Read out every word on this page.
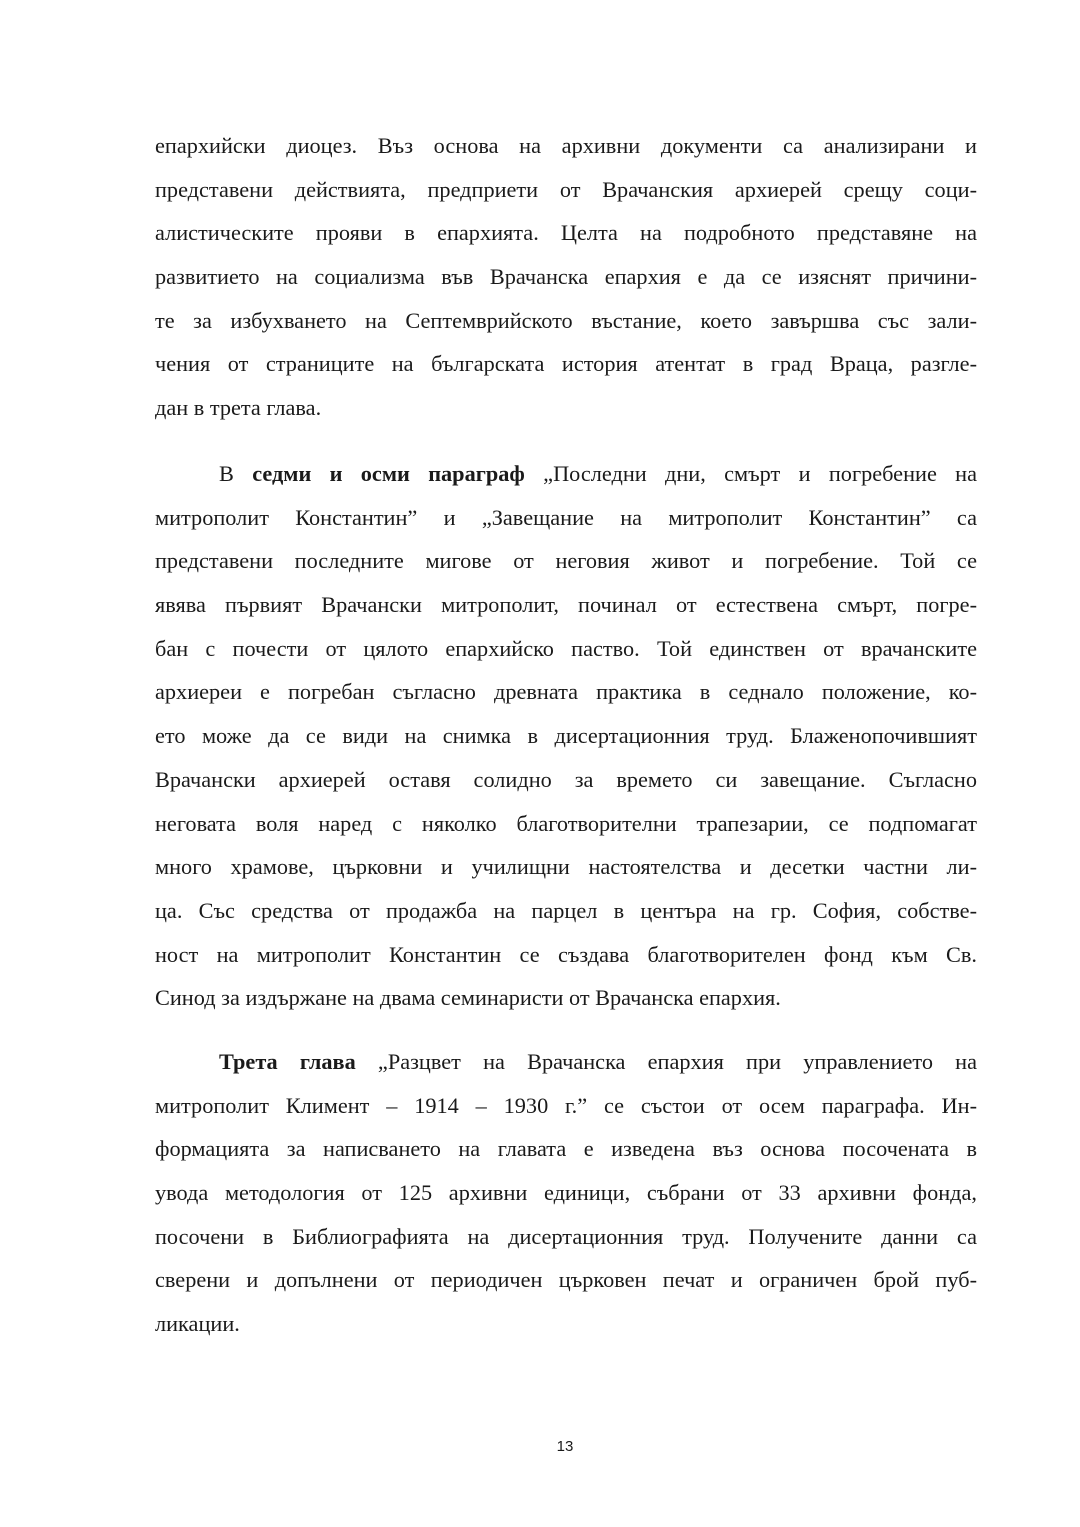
епархийски диоцез. Въз основа на архивни документи са анализирани и
представени действията, предприети от Врачанския архиерей срещу соци-
алистическите прояви в епархията. Целта на подробното представяне на
развитието на социализма във Врачанска епархия е да се изяснят причини-
те за избухването на Септемврийското въстание, което завършва със зали-
чения от страниците на българската история атентат в град Враца, разгле-
дан в трета глава.
В седми и осми параграф „Последни дни, смърт и погребение на
митрополит Константин” и „Завещание на митрополит Константин” са
представени последните мигове от неговия живот и погребение. Той се
явява първият Врачански митрополит, починал от естествена смърт, погре-
бан с почести от цялото епархийско паство. Той единствен от врачанските
архиереи е погребан съгласно древната практика в седнало положение, ко-
ето може да се види на снимка в дисертационния труд. Блаженопочившият
Врачански архиерей оставя солидно за времето си завещание. Съгласно
неговата воля наред с няколко благотворителни трапезарии, се подпомагат
много храмове, църковни и училищни настоятелства и десетки частни ли-
ца. Със средства от продажба на парцел в центъра на гр. София, собстве-
ност на митрополит Константин се създава благотворителен фонд към Св.
Синод за издържане на двама семинаристи от Врачанска епархия.
Трета глава „Разцвет на Врачанска епархия при управлението на
митрополит Климент – 1914 – 1930 г.” се състои от осем параграфа. Ин-
формацията за написването на главата е изведена въз основа посочената в
увода методология от 125 архивни единици, събрани от 33 архивни фонда,
посочени в Библиографията на дисертационния труд. Получените данни са
сверени и допълнени от периодичен църковен печат и ограничен брой пуб-
ликации.
13
